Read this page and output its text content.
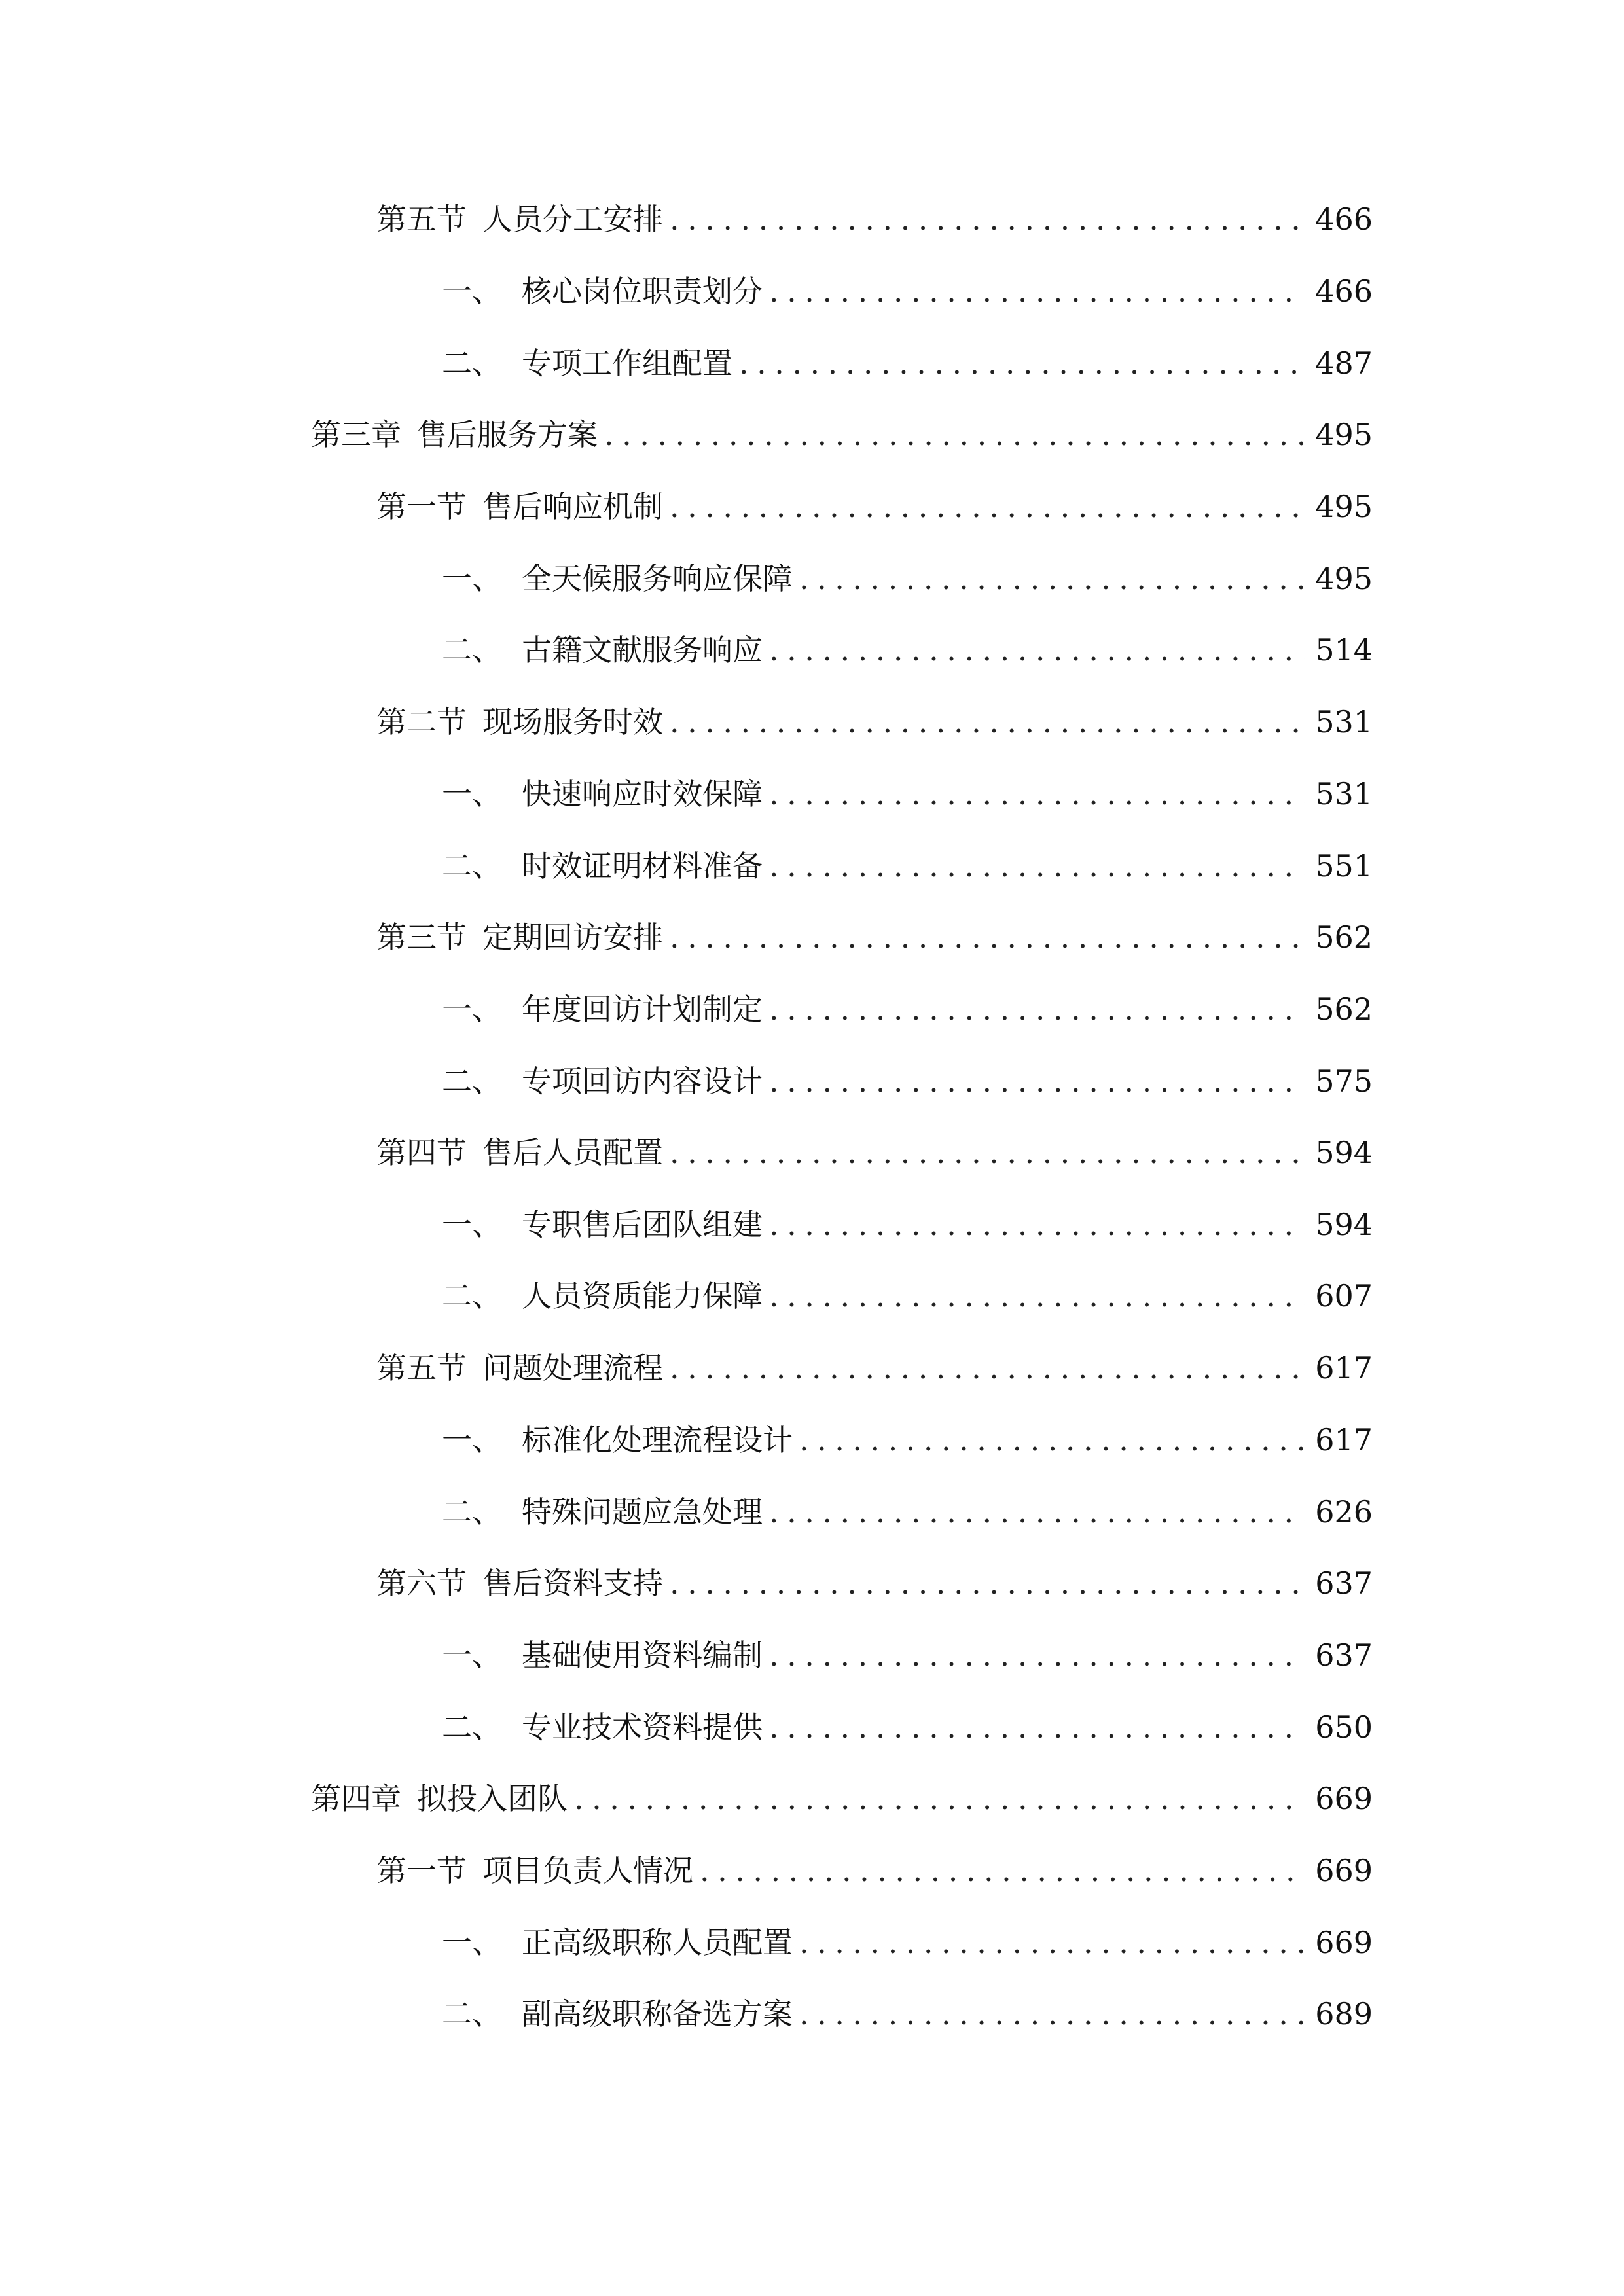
第五节 人员分工安排 .....	466
一、 核心岗位职责划分 .....	466
二、 专项工作组配置 .....	487
第三章 售后服务方案 .....	495
第一节 售后响应机制 .....	495
一、 全天候服务响应保障 .....	495
二、 古籍文献服务响应 .....	514
第二节 现场服务时效 .....	531
一、 快速响应时效保障 .....	531
二、 时效证明材料准备 .....	551
第三节 定期回访安排 .....	562
一、 年度回访计划制定 .....	562
二、 专项回访内容设计 .....	575
第四节 售后人员配置 .....	594
一、 专职售后团队组建 .....	594
二、 人员资质能力保障 .....	607
第五节 问题处理流程 .....	617
一、 标准化处理流程设计 .....	617
二、 特殊问题应急处理 .....	626
第六节 售后资料支持 .....	637
一、 基础使用资料编制 .....	637
二、 专业技术资料提供 .....	650
第四章 拟投入团队 .....	669
第一节 项目负责人情况 .....	669
一、 正高级职称人员配置 .....	669
二、 副高级职称备选方案 .....	689
